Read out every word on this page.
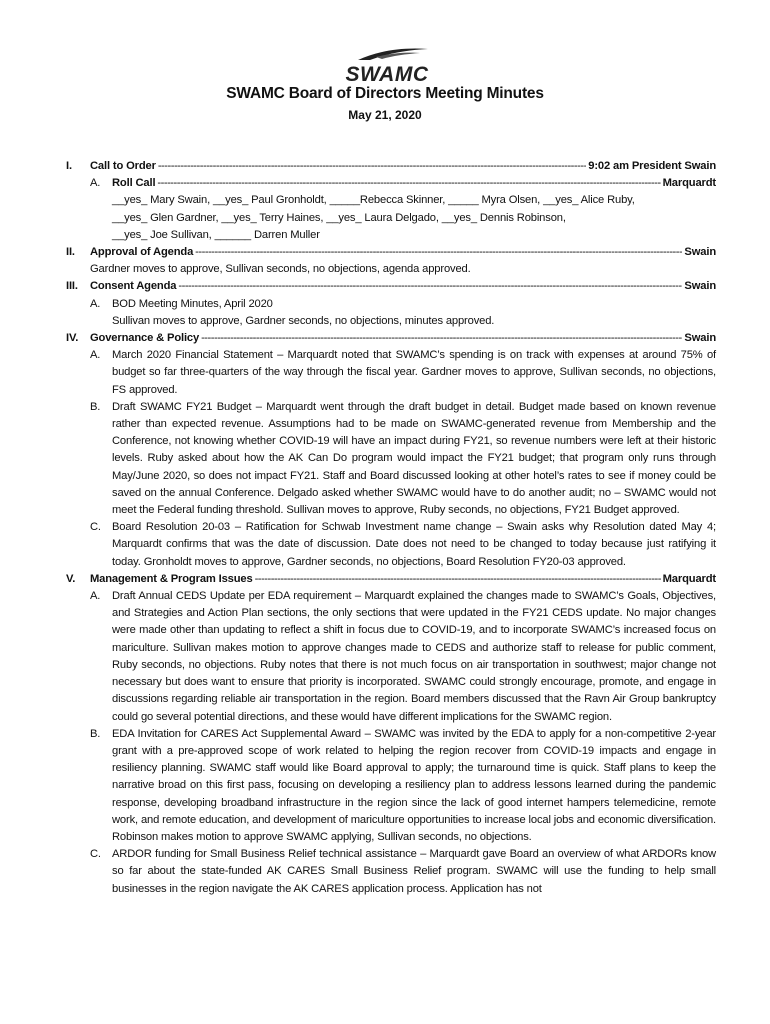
SWAMC
SWAMC Board of Directors Meeting Minutes
May 21, 2020
I. Call to Order -----	9:02 am President Swain
A. Roll Call -----	Marquardt
__yes_ Mary Swain, __yes_ Paul Gronholdt, _____Rebecca Skinner, _____ Myra Olsen, __yes_ Alice Ruby,
__yes_ Glen Gardner, __yes_ Terry Haines, __yes_ Laura Delgado, __yes_ Dennis Robinson,
__yes_ Joe Sullivan, ______ Darren Muller
II. Approval of Agenda -----	Swain
Gardner moves to approve, Sullivan seconds, no objections, agenda approved.
III. Consent Agenda -----	Swain
A. BOD Meeting Minutes, April 2020
Sullivan moves to approve, Gardner seconds, no objections, minutes approved.
IV. Governance & Policy -----	Swain
A. March 2020 Financial Statement – Marquardt noted that SWAMC’s spending is on track with expenses at around 75% of budget so far three-quarters of the way through the fiscal year. Gardner moves to approve, Sullivan seconds, no objections, FS approved.
B. Draft SWAMC FY21 Budget – Marquardt went through the draft budget in detail. Budget made based on known revenue rather than expected revenue. Assumptions had to be made on SWAMC-generated revenue from Membership and the Conference, not knowing whether COVID-19 will have an impact during FY21, so revenue numbers were left at their historic levels. Ruby asked about how the AK Can Do program would impact the FY21 budget; that program only runs through May/June 2020, so does not impact FY21. Staff and Board discussed looking at other hotel’s rates to see if money could be saved on the annual Conference. Delgado asked whether SWAMC would have to do another audit; no – SWAMC would not meet the Federal funding threshold. Sullivan moves to approve, Ruby seconds, no objections, FY21 Budget approved.
C. Board Resolution 20-03 – Ratification for Schwab Investment name change – Swain asks why Resolution dated May 4; Marquardt confirms that was the date of discussion. Date does not need to be changed to today because just ratifying it today. Gronholdt moves to approve, Gardner seconds, no objections, Board Resolution FY20-03 approved.
V. Management & Program Issues -----	Marquardt
A. Draft Annual CEDS Update per EDA requirement – Marquardt explained the changes made to SWAMC’s Goals, Objectives, and Strategies and Action Plan sections, the only sections that were updated in the FY21 CEDS update. No major changes were made other than updating to reflect a shift in focus due to COVID-19, and to incorporate SWAMC’s increased focus on mariculture. Sullivan makes motion to approve changes made to CEDS and authorize staff to release for public comment, Ruby seconds, no objections. Ruby notes that there is not much focus on air transportation in southwest; major change not necessary but does want to ensure that priority is incorporated. SWAMC could strongly encourage, promote, and engage in discussions regarding reliable air transportation in the region. Board members discussed that the Ravn Air Group bankruptcy could go several potential directions, and these would have different implications for the SWAMC region.
B. EDA Invitation for CARES Act Supplemental Award – SWAMC was invited by the EDA to apply for a non-competitive 2-year grant with a pre-approved scope of work related to helping the region recover from COVID-19 impacts and engage in resiliency planning. SWAMC staff would like Board approval to apply; the turnaround time is quick. Staff plans to keep the narrative broad on this first pass, focusing on developing a resiliency plan to address lessons learned during the pandemic response, developing broadband infrastructure in the region since the lack of good internet hampers telemedicine, remote work, and remote education, and development of mariculture opportunities to increase local jobs and economic diversification. Robinson makes motion to approve SWAMC applying, Sullivan seconds, no objections.
C. ARDOR funding for Small Business Relief technical assistance – Marquardt gave Board an overview of what ARDORs know so far about the state-funded AK CARES Small Business Relief program. SWAMC will use the funding to help small businesses in the region navigate the AK CARES application process. Application has not
